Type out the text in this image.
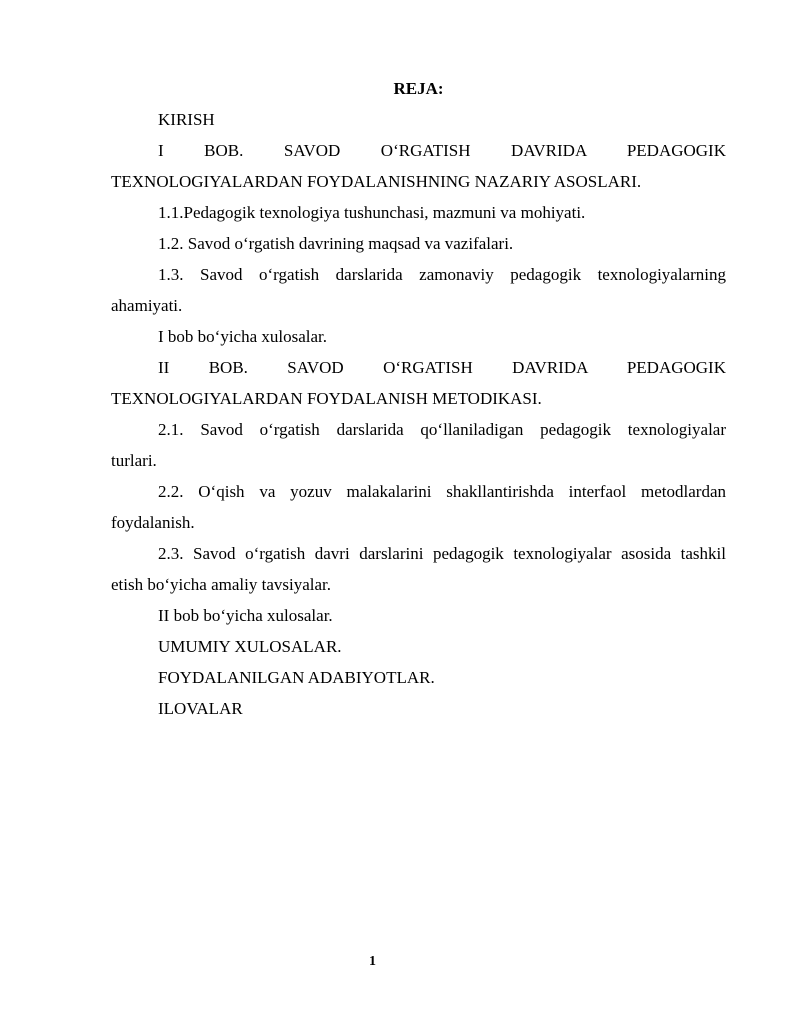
REJA:

KIRISH

I BOB. SAVOD O‘RGATISH DAVRIDA PEDAGOGIK

TEXNOLOGIYALARDAN FOYDALANISHNING NAZARIY ASOSLARI.

1.1.Pedagogik texnologiya tushunchasi, mazmuni va mohiyati.

1.2. Savod o‘rgatish davrining maqsad va vazifalari.

1.3. Savod o‘rgatish darslarida zamonaviy pedagogik texnologiyalarning

ahamiyati.

I bob bo‘yicha xulosalar.

II BOB. SAVOD O‘RGATISH DAVRIDA PEDAGOGIK

TEXNOLOGIYALARDAN FOYDALANISH METODIKASI.

2.1. Savod o‘rgatish darslarida qo‘llaniladigan pedagogik texnologiyalar

turlari.

2.2. O‘qish va yozuv malakalarini shakllantirishda interfaol metodlardan

foydalanish.

2.3. Savod o‘rgatish davri darslarini pedagogik texnologiyalar asosida tashkil

etish bo‘yicha amaliy tavsiyalar.

II bob bo‘yicha xulosalar.

UMUMIY XULOSALAR.

FOYDALANILGAN ADABIYOTLAR.

ILOVALAR

1
